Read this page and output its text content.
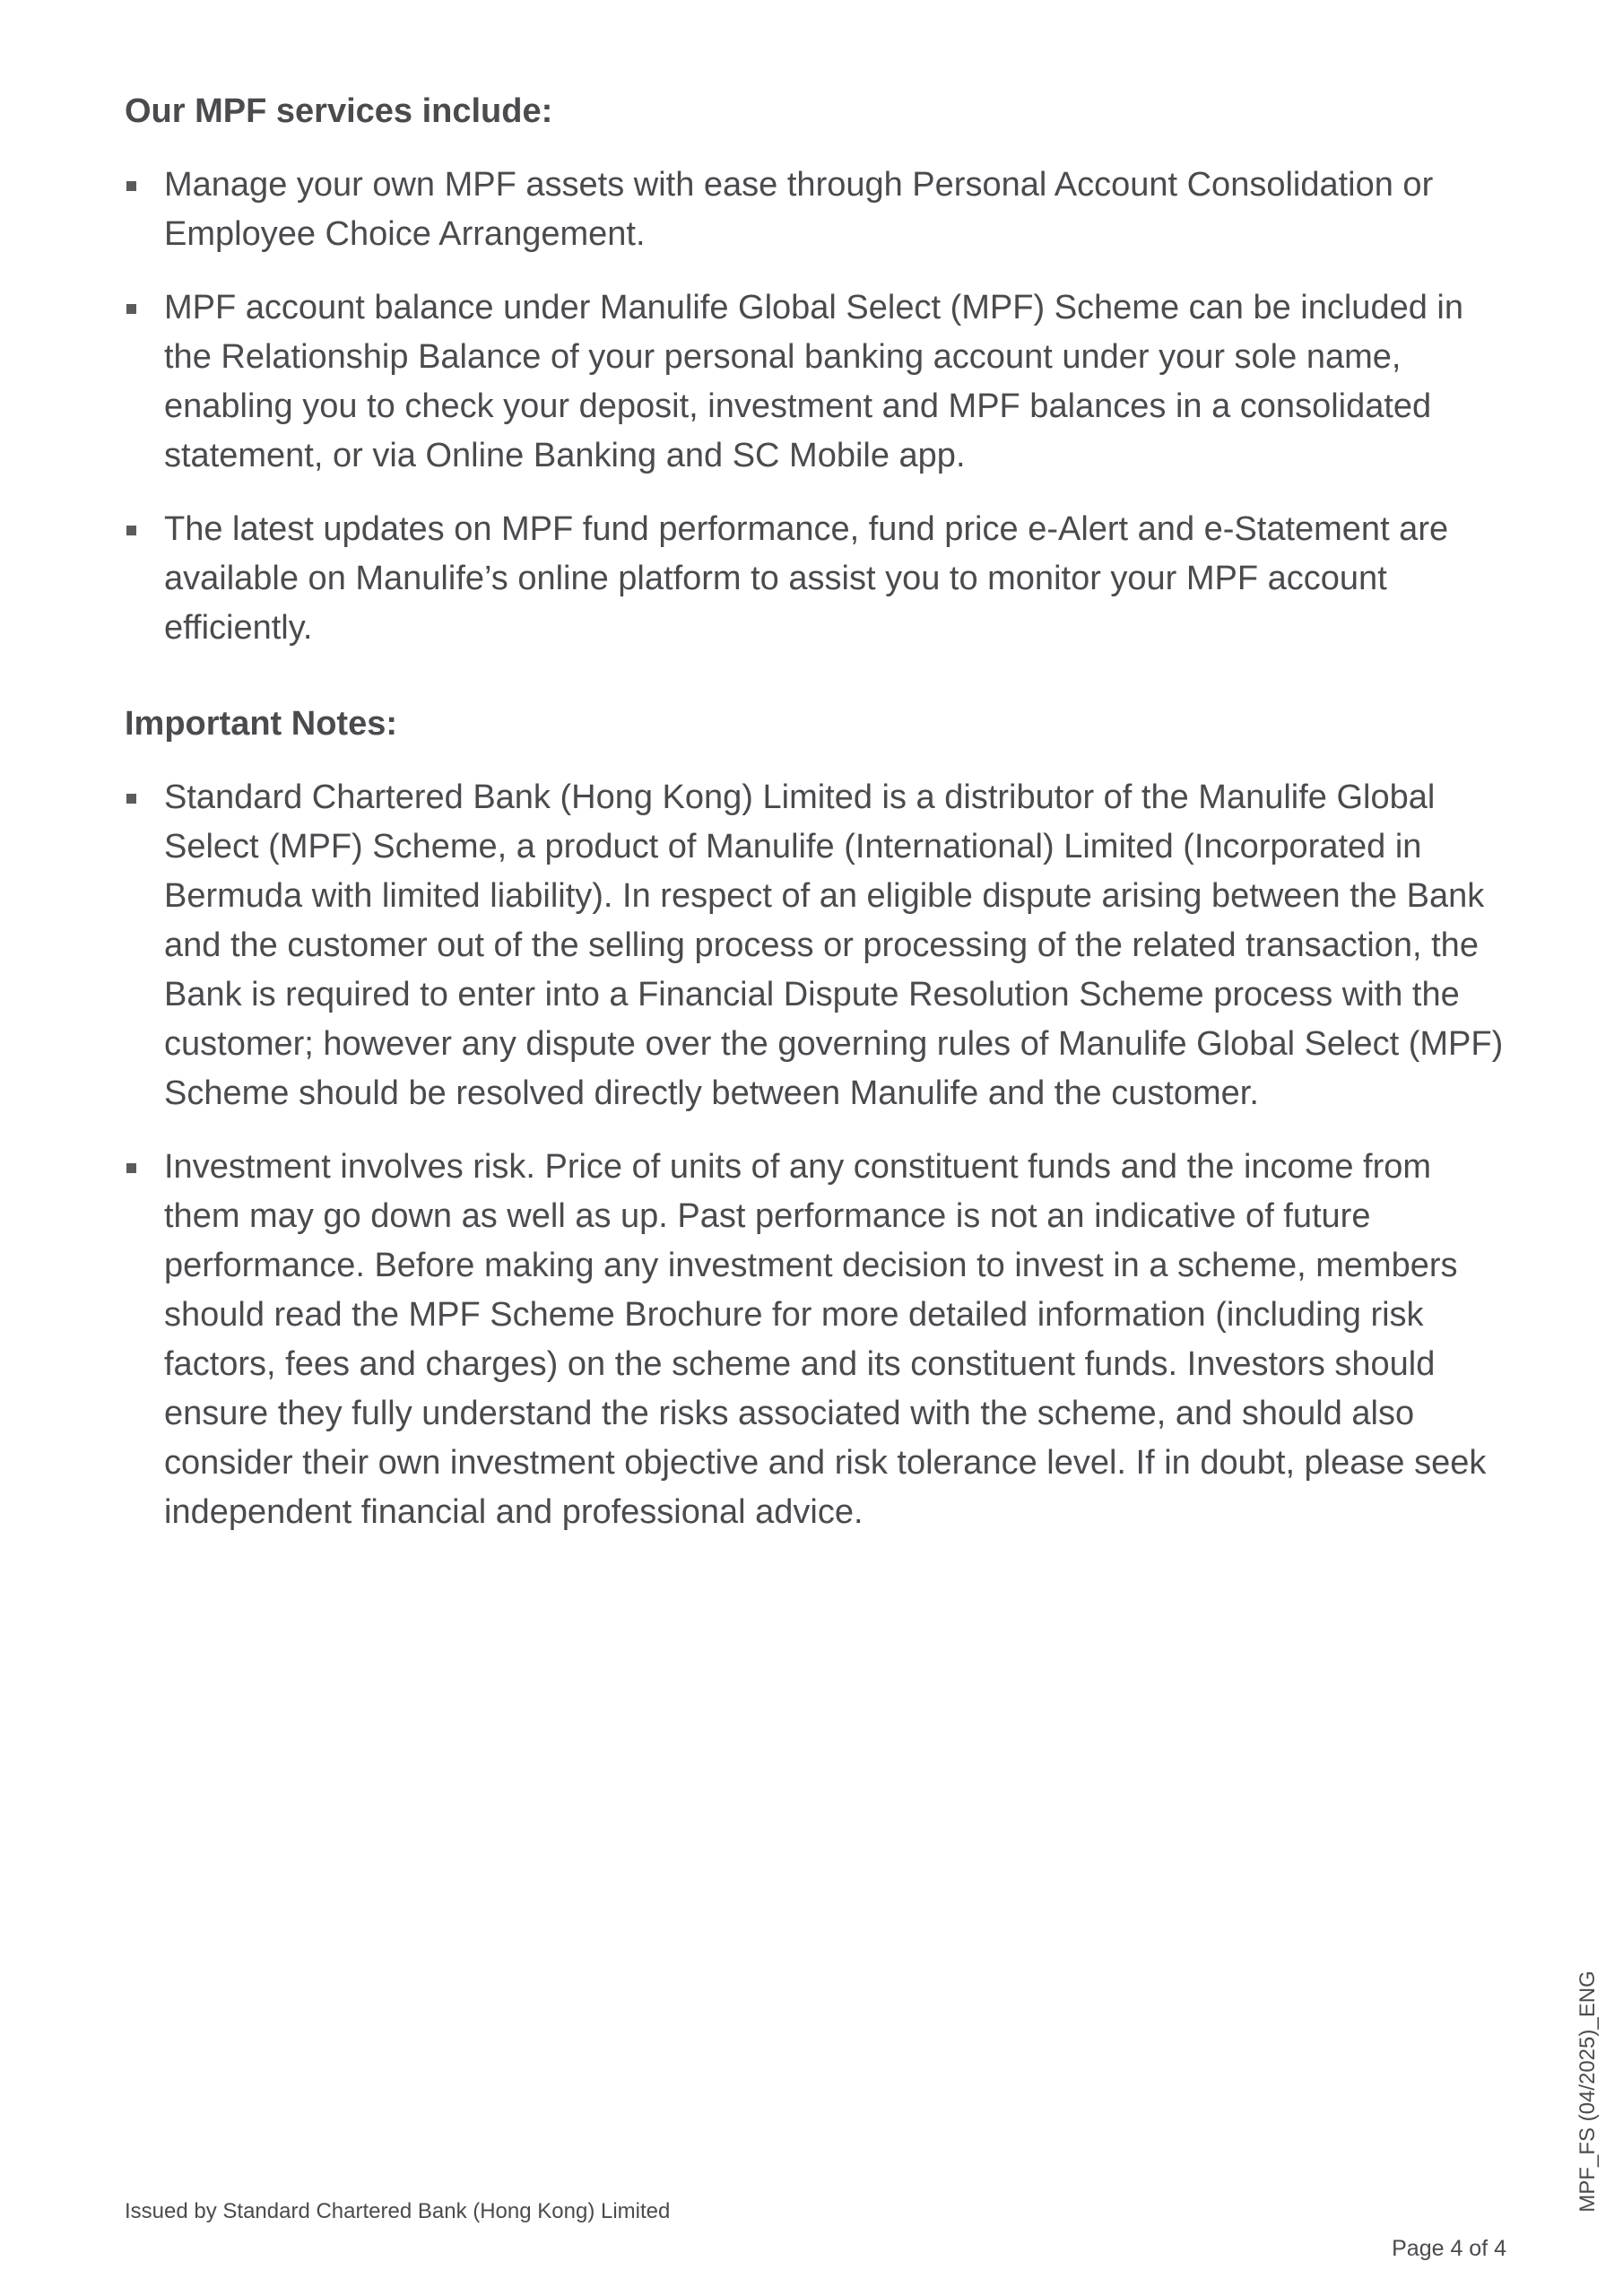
Our MPF services include:
Manage your own MPF assets with ease through Personal Account Consolidation or Employee Choice Arrangement.
MPF account balance under Manulife Global Select (MPF) Scheme can be included in the Relationship Balance of your personal banking account under your sole name, enabling you to check your deposit, investment and MPF balances in a consolidated statement, or via Online Banking and SC Mobile app.
The latest updates on MPF fund performance, fund price e-Alert and e-Statement are available on Manulife’s online platform to assist you to monitor your MPF account efficiently.
Important Notes:
Standard Chartered Bank (Hong Kong) Limited is a distributor of the Manulife Global Select (MPF) Scheme, a product of Manulife (International) Limited (Incorporated in Bermuda with limited liability). In respect of an eligible dispute arising between the Bank and the customer out of the selling process or processing of the related transaction, the Bank is required to enter into a Financial Dispute Resolution Scheme process with the customer; however any dispute over the governing rules of Manulife Global Select (MPF) Scheme should be resolved directly between Manulife and the customer.
Investment involves risk. Price of units of any constituent funds and the income from them may go down as well as up. Past performance is not an indicative of future performance. Before making any investment decision to invest in a scheme, members should read the MPF Scheme Brochure for more detailed information (including risk factors, fees and charges) on the scheme and its constituent funds. Investors should ensure they fully understand the risks associated with the scheme, and should also consider their own investment objective and risk tolerance level. If in doubt, please seek independent financial and professional advice.
Issued by Standard Chartered Bank (Hong Kong) Limited
Page 4 of 4
MPF_FS (04/2025)_ENG
